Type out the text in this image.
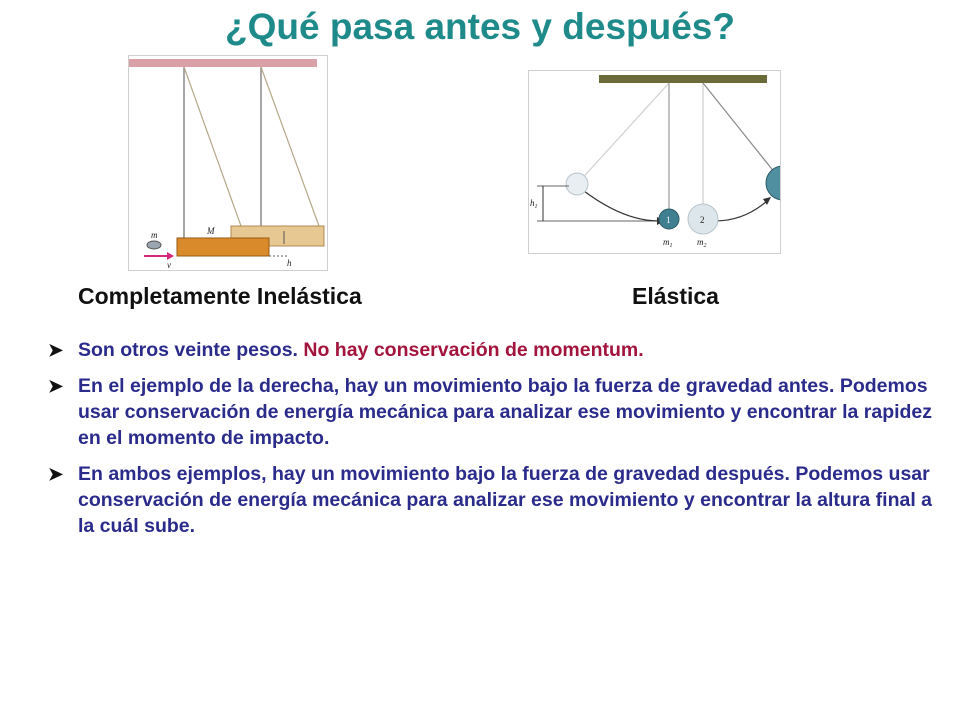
¿Qué pasa antes y después?
m	M
v	h
$h_1$
1	2
$m_1$	$m_2$
Completamente Inelástica	Elástica
➤ Son otros veinte pesos. No hay conservación de momentum.
➤ En el ejemplo de la derecha, hay un movimiento bajo la fuerza de gravedad antes. Podemos usar conservación de energía mecánica para analizar ese movimiento y encontrar la rapidez en el momento de impacto.
➤ En ambos ejemplos, hay un movimiento bajo la fuerza de gravedad después. Podemos usar conservación de energía mecánica para analizar ese movimiento y encontrar la altura final a la cuál sube.
